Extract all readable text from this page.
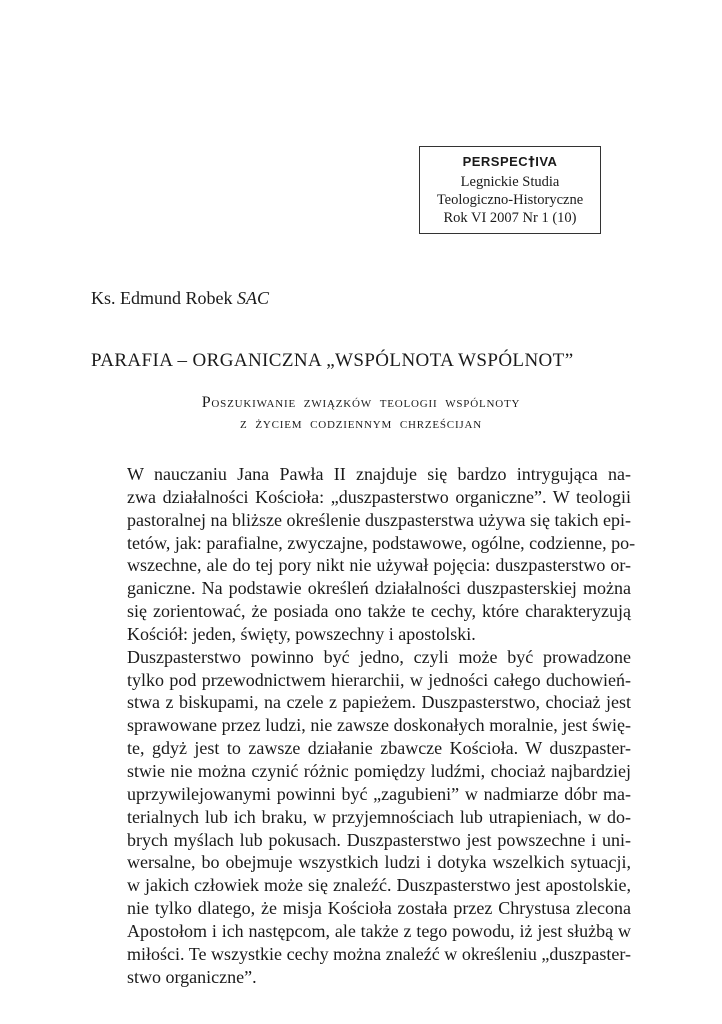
PERSPEC†IVA
Legnickie Studia
Teologiczno-Historyczne
Rok VI 2007 Nr 1 (10)
Ks. Edmund Robek SAC
PARAFIA – ORGANICZNA „WSPÓLNOTA WSPÓLNOT”
Poszukiwanie związków teologii wspólnoty
z życiem codziennym chrześcijan

W nauczaniu Jana Pawła II znajduje się bardzo intrygująca na-
zwa działalności Kościoła: „duszpasterstwo organiczne”. W teologii
pastoralnej na bliższe określenie duszpasterstwa używa się takich epi-
tetów, jak: parafialne, zwyczajne, podstawowe, ogólne, codzienne, po-
wszechne, ale do tej pory nikt nie używał pojęcia: duszpasterstwo or-
ganiczne. Na podstawie określeń działalności duszpasterskiej można
się zorientować, że posiada ono także te cechy, które charakteryzują
Kościół: jeden, święty, powszechny i apostolski.

Duszpasterstwo powinno być jedno, czyli może być prowadzone
tylko pod przewodnictwem hierarchii, w jedności całego duchowień-
stwa z biskupami, na czele z papieżem. Duszpasterstwo, chociaż jest
sprawowane przez ludzi, nie zawsze doskonałych moralnie, jest świę-
te, gdyż jest to zawsze działanie zbawcze Kościoła. W duszpaster-
stwie nie można czynić różnic pomiędzy ludźmi, chociaż najbardziej
uprzywilejowanymi powinni być „zagubieni” w nadmiarze dóbr ma-
terialnych lub ich braku, w przyjemnościach lub utrapieniach, w do-
brych myślach lub pokusach. Duszpasterstwo jest powszechne i uni-
wersalne, bo obejmuje wszystkich ludzi i dotyka wszelkich sytuacji,
w jakich człowiek może się znaleźć. Duszpasterstwo jest apostolskie,
nie tylko dlatego, że misja Kościoła została przez Chrystusa zlecona
Apostołom i ich następcom, ale także z tego powodu, iż jest służbą w
miłości. Te wszystkie cechy można znaleźć w określeniu „duszpaster-
stwo organiczne”.
